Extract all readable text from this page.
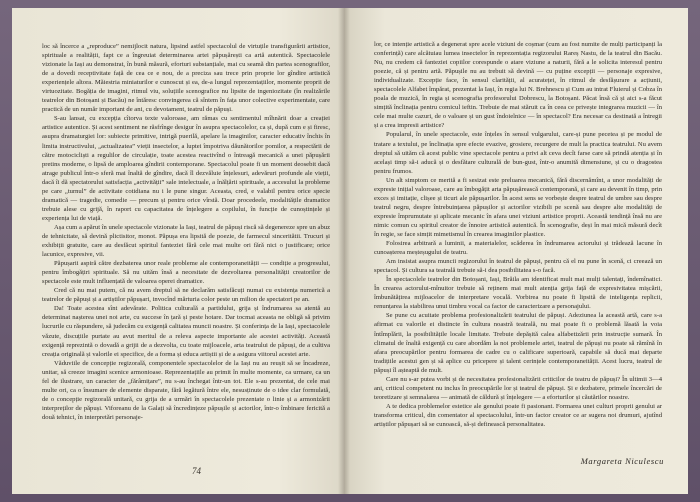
loc să încerce a „reproduce” nemijlocit natura, lipsind astfel spectacolul de virtuțile transfigurării artistice, spirituale a realității, fapt ce a îngreuiat determinarea artei păpușărești ca artă autentică. Spectacolele vizionate la Iași au demonstrat, în bună măsură, eforturi substanțiale, mai cu seamă din partea scenografilor, de a dovedi receptivitate față de cea ce e nou, de a preciza sau trece prin proprie lor gîndire artistică experiențele altora. Măiestria miniaturilor e cunoscut și ea, de-a lungul reprezentațiilor, momente proprii de virtuozitate. Bogăția de imagini, ritmul viu, soluțiile scenografice nu lipsite de ingeniozitate (în realizările teatrelor din Botoșani și Bacău) ne întăresc convingerea că sîntem în fața unor colective experimentate, care practică de un număr important de ani, cu devotament, teatrul de păpuși.

S-au lansat, cu excepția cîtorva texte valoroase, am rămas cu sentimentul mîhnării doar a creației artistice autentice. Și acest sentiment ne răsfrînge desigur în asupra spectacolelor, ca și, după cum e și firesc, asupra dramaturgiei lor: subiecte primitive, intrigă puerilă, apelare la imaginilor, caracter educativ închis în limita instructivului, „actualizatea” vieții insectelor, a luptei împotriva dăunătorilor pomilor, a respectării de către motocicliști a regulilor de circulație, toate acestea reactivînd o întreagă mecanică a unei păpușării pretins moderne, o lipsă de amploarea gîndirii contemporane. Spectacolul poate fi un moment deosebit dacă atrage publicul într-o sferă mai înaltă de gîndire, dacă îl dezvăluie înțelesuri, adevăruri profunde ale vieții, dacă îi dă spectatorului satisfacția „activității” sale intelectuale, a înălțării spirituale, a accesului la probleme pe care „turnul” de activitate cotidiana nu i le pune singur. Aceasta, cred, e valabil pentru orice specie dramatică — tragedie, comedie — precum și pentru orice vîrstă. Doar procedeele, modalitățile dramatice trebuie alese cu grijă, în raport cu capacitatea de înțelegere a copilului, în funcție de cunoștințele și experiența lui de viață.

Așa cum a apărut în unele spectacole vizionate la Iași, teatrul de păpuși riscă să degenereze spre un abuz de tehnicitate, să devină plictisitor, monot. Păpușa era lipsită de poezie, de farmecul sinceritătii. Trucuri și exhibiții gratuite, care au desfăcut spiritul fanteziei fără cele mai multe ori fără nici o justificare; orice lacunice, expresive, vii.

Păpușarii aspiră către dezbaterea unor reale probleme ale contemporaneității — condiție a progresului, pentru îmbogățiri spirituale. Să nu uităm însă a necesitate de dezvoltarea personalității creatorilor de spectacole este mult influențată de valoarea operei dramatice.

Cred că nu mai putem, că nu avem dreptul să ne declarăm satisfăcuți numai cu existența numerică a teatrelor de păpuși și a artiștilor păpușari, invocînd mărturia color peste un milion de spectatori pe an.

Da! Toate acestea sînt adevărate. Politica culturală a partidului, grija și îndrumarea sa atentă au determinat nașterea unei noi arte, cu succese în țară și peste hotare. Dar tocmai aceasta ne obligă să privim lucrurile cu răspundere, să judecăm cu exigență calitatea muncii noastre. Și conferința de la Iași, spectacolele văzute, discuțiile purtate au avut meritul de a releva aspecte importante ale acestei activități. Această exigență reprezintă o dovadă a grijii de a dezvolta, cu toate mijloacele, arta teatrului de păpuși, de a cultiva creația originală și valorile ei specifice, de a forma și educa artiștii și de a asigura viitorul acestei arte.

Văduviile de concepție regizorală, componentele spectacolelor de la Iași nu au reușit să se încadreze, unitar, să creeze imagini scenice armonioase. Reprezentațiile au primit în multe momente, ca urmare, ca un fel de ilustrare, un caracter de „fărâmițare”, nu s-au închegat într-un tot. Ele s-au prezentat, de cele mai multe ori, ca o însumare de elemente disparate, fără legătură între ele, nesusținute de o idee clar formulată, de o concepție regizorală unitară, cu grija de a urmări în spectacolele prezentate o linie și a armonizării interpreților de păpuși. Viforeanu de la Galați să încredințeze păpușile și actorilor, într-o îmbinare fericită a două tehnici, în interpretări personaje-

74

lor, ce intenție artistică a degenerat spre acele viziuni de coșmar (cum au fost numite de mulți participanți la conferință) care alcătuiau lumea insectelor în reprezentația regizorului Rareș Nastu, de la teatrul din Bacău. Nu, nu credem că fanteziei copiilor corespunde o atare viziune a naturii, fără a le solicita interesul pentru poezie, că și pentru artă. Păpușile nu au trebuit să devină — cu puține excepții — personaje expresive, individualizate. Excepție face, în sensul clarității, al acurateței, în ritmul de desfășurare a acțiunii, spectacolele Alfabet împărat, prezentat la Iași, în regia lui N. Brehnescu și Cum au intrat Fluierul și Cobza în poala de muzică, în regia și scenografia profesorului Dobrescu, la Botoșani. Păcat însă că și aici s-a făcut simțită înclinația pentru comicul ieftin. Trebuie de mai stăruit ca în ceea ce privește integrarea muzicii — în cele mai multe cazuri, de o valoare și un gust îndoielnice — în spectacol? Era necesar ca destinată a întregii și a crea impresii artistice?

Popularul, în unele spectacole, este înțeles în sensul vulgarului, care-și pune pecetea și pe modul de tratare a textului, pe înclinația spre efecte evazive, grosiere, recurgere de mult la practica teatrului. Nu avem dreptul să uităm că acest public vine spectacole pentru a privi alt ceva decît farse care să prindă atenția și în același timp să-i aducă și o desfătare culturală de bun-gust, într-o anumită dimensiune, și cu o dragostea pentru frumos.

Un alt simptom ce merită a fi sesizat este preluarea mecanică, fără discernămînt, a unor modalități de expresie inițial valoroase, care au îmbogățit arta păpușărească contemporană, și care au devenit în timp, prin exces și imitație, clișee și ticuri ale păpușarilor. În acest sens se vorbește despre teatrul de umbre sau despre teatrul negru, despre întrebuințarea păpușilor și actorilor vizibili pe scenă sau despre alte modalități de expresie împrumutate și aplicate mecanic în afara unei viziuni artistice proprii. Această tendință însă nu are nimic comun cu spiritul creator de înnoire artistică autentică. În scenografie, deși în mai mică măsură decît în regie, se face simțit mimetismul în crearea imaginilor plastice.

Folosirea arbitrară a luminii, a materialelor, scăderea în îndrumarea actorului și trădează lacune în cunoașterea meșteșugului de teatru.

Am insistat asupra muncii regizorului în teatrul de păpuși, pentru că el nu pune în scenă, ci creează un spectacol. Și cultura sa teatrală trebuie să-i dea posibilitatea s-o facă.

În spectacolele teatrelor din Botoșani, Iași, Brăila am identificat mult mai mulți talentați, îndemînatici. În crearea actorului-mînuitor trebuie să reținem mai mult atenția grija față de expresivitatea mișcării, îmbunătățirea mijloacelor de interpretare vocală. Vorbirea nu poate fi lipsită de inteligența replicii, renunțarea la stabilirea unui timbru vocal ca factor de caracterizare a personajului.

Se pune cu acuitate problema profesionalizării teatrului de păpuși. Adeziunea la această artă, care s-a afirmat cu valorile ei distincte în cultura noastră teatrală, nu mai poate fi o problemă lăsată la voia întîmplării, la posibilitățile locale limitate. Trebuie depășită calea alfabetizării prin instrucție sumară. În climatul de înaltă exigență cu care abordăm la noi problemele artei, teatrul de păpuși nu poate să rămînă în afara preocupărilor pentru formarea de cadre cu o calificare superioară, capabile să ducă mai departe tradițiile acestui gen și să aplice cu pricepere și talent cerințele contemporaneității. Acest lucru, teatrul de păpuși îl așteaptă de mult.

Care nu s-ar putea vorbi și de necesitatea profesionalizării criticilor de teatru de păpuși? În ultimii 3—4 ani, criticul competent nu inclus în preocupările lor și teatrul de păpuși. Și e dezbatere, primele încercări de teoretizare și semnalarea — animată de căldură și înțelegere — a eforturilor și căutărilor noastre.

A te dedica problemelor estetice ale genului poate fi pasionant. Formarea unei culturi proprii genului ar transforma criticul, din comentator al spectacolului, într-un factor creator ce ar sugera noi drumuri, ajutînd artiștilor păpușari să se cunoască, să-și definească personalitatea.

Margareta Niculescu
